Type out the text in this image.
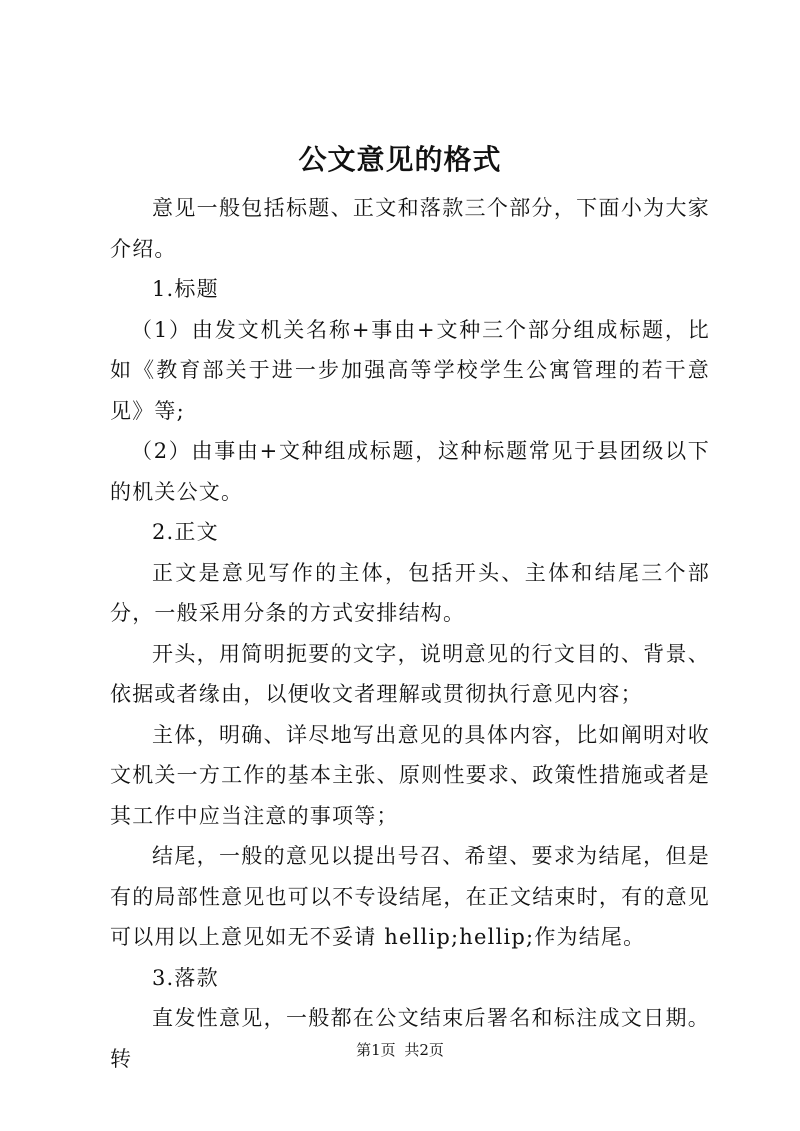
公文意见的格式

意见一般包括标题、正文和落款三个部分，下面小为大家介绍。

1.标题

（1）由发文机关名称+事由+文种三个部分组成标题，比如《教育部关于进一步加强高等学校学生公寓管理的若干意见》等;

（2）由事由+文种组成标题，这种标题常见于县团级以下的机关公文。

2.正文

正文是意见写作的主体，包括开头、主体和结尾三个部分，一般采用分条的方式安排结构。

开头，用简明扼要的文字，说明意见的行文目的、背景、依据或者缘由，以便收文者理解或贯彻执行意见内容；

主体，明确、详尽地写出意见的具体内容，比如阐明对收文机关一方工作的基本主张、原则性要求、政策性措施或者是其工作中应当注意的事项等；

结尾，一般的意见以提出号召、希望、要求为结尾，但是有的局部性意见也可以不专设结尾，在正文结束时，有的意见可以用以上意见如无不妥请 hellip;hellip;作为结尾。

3.落款

直发性意见，一般都在公文结束后署名和标注成文日期。转	第1页 共2页
